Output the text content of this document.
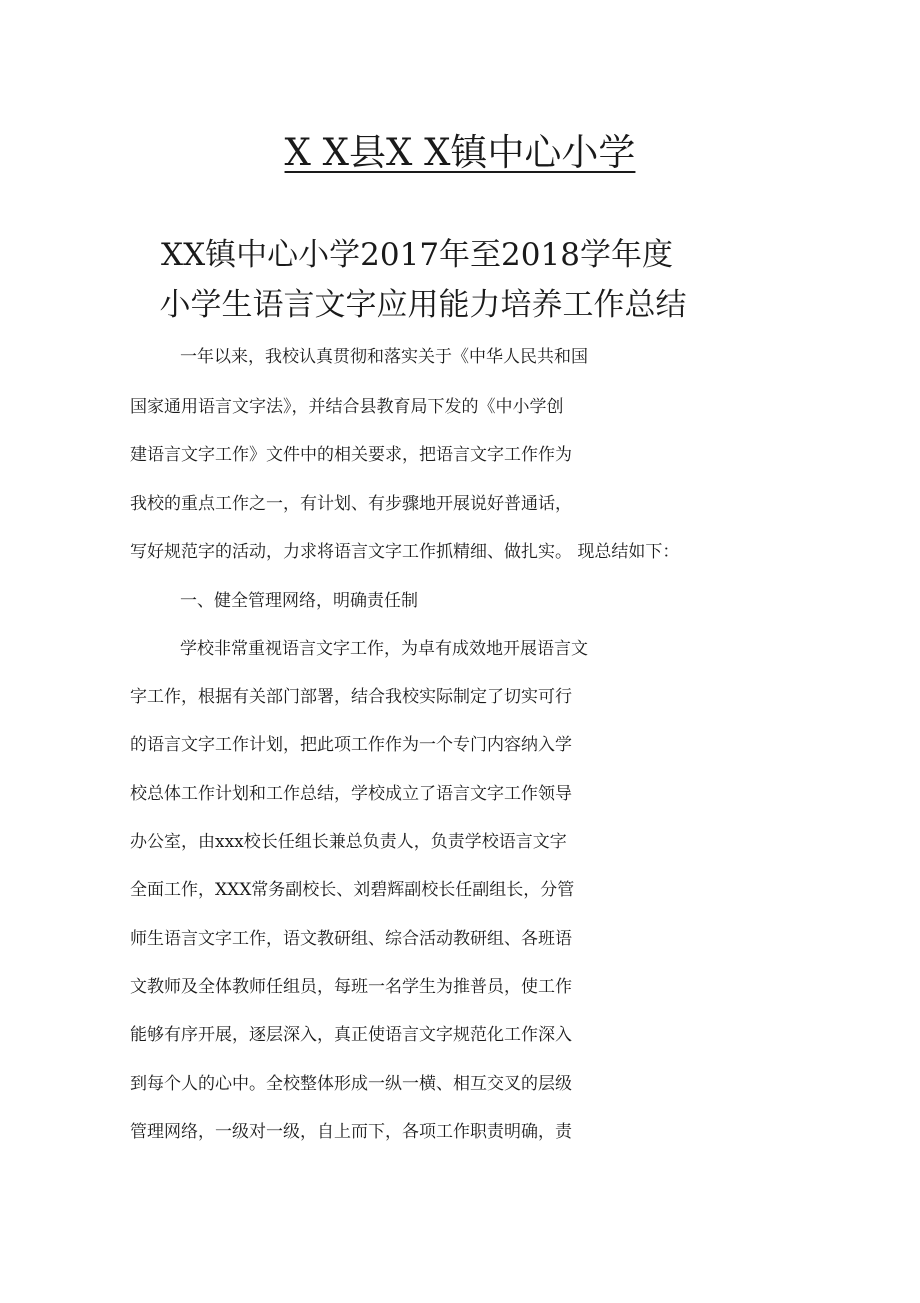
X X县X X镇中心小学
XX镇中心小学2017年至2018学年度
小学生语言文字应用能力培养工作总结
一年以来，我校认真贯彻和落实关于《中华人民共和国
国家通用语言文字法》，并结合县教育局下发的《中小学创
建语言文字工作》文件中的相关要求，把语言文字工作作为
我校的重点工作之一，有计划、有步骤地开展说好普通话，
写好规范字的活动，力求将语言文字工作抓精细、做扎实。 现总结如下：
一、健全管理网络，明确责任制
学校非常重视语言文字工作，为卓有成效地开展语言文
字工作，根据有关部门部署，结合我校实际制定了切实可行
的语言文字工作计划，把此项工作作为一个专门内容纳入学
校总体工作计划和工作总结，学校成立了语言文字工作领导
办公室，由xxx校长任组长兼总负责人，负责学校语言文字
全面工作，XXX常务副校长、刘碧辉副校长任副组长，分管
师生语言文字工作，语文教研组、综合活动教研组、各班语
文教师及全体教师任组员，每班一名学生为推普员，使工作
能够有序开展，逐层深入，真正使语言文字规范化工作深入
到每个人的心中。全校整体形成一纵一横、相互交叉的层级
管理网络，一级对一级，自上而下，各项工作职责明确，责
